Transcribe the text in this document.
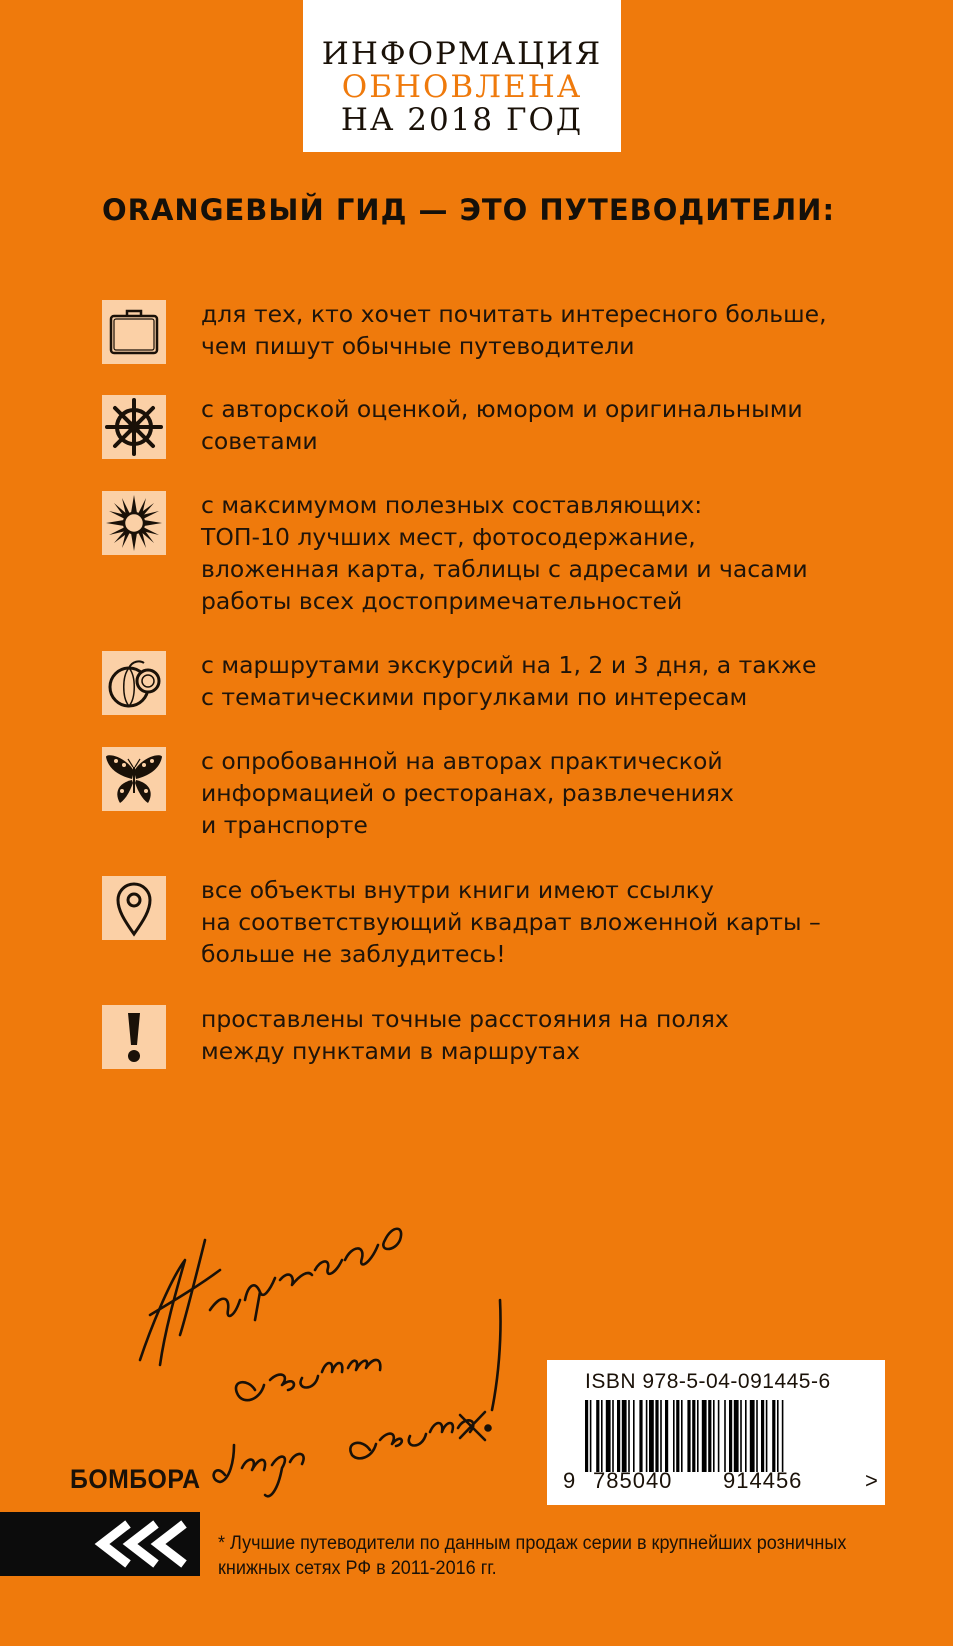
ИНФОРМАЦИЯ
ОБНОВЛЕНА
НА 2018 ГОД
ORANGEВЫЙ ГИД — ЭТО ПУТЕВОДИТЕЛИ:
для тех, кто хочет почитать интересного больше,
чем пишут обычные путеводители
с авторской оценкой, юмором и оригинальными
советами
с максимумом полезных составляющих:
ТОП-10 лучших мест, фотосодержание,
вложенная карта, таблицы с адресами и часами
работы всех достопримечательностей
с маршрутами экскурсий на 1, 2 и 3 дня, а также
с тематическими прогулками по интересам
с опробованной на авторах практической
информацией о ресторанах, развлечениях
и транспорте
все объекты внутри книги имеют ссылку
на соответствующий квадрат вложенной карты –
больше не заблудитесь!
проставлены точные расстояния на полях
между пунктами в маршрутах
ISBN 978-5-04-091445-6
9 785040 914456	>
БОМБОРА
* Лучшие путеводители по данным продаж серии в крупнейших розничных
книжных сетях РФ в 2011-2016 гг.
